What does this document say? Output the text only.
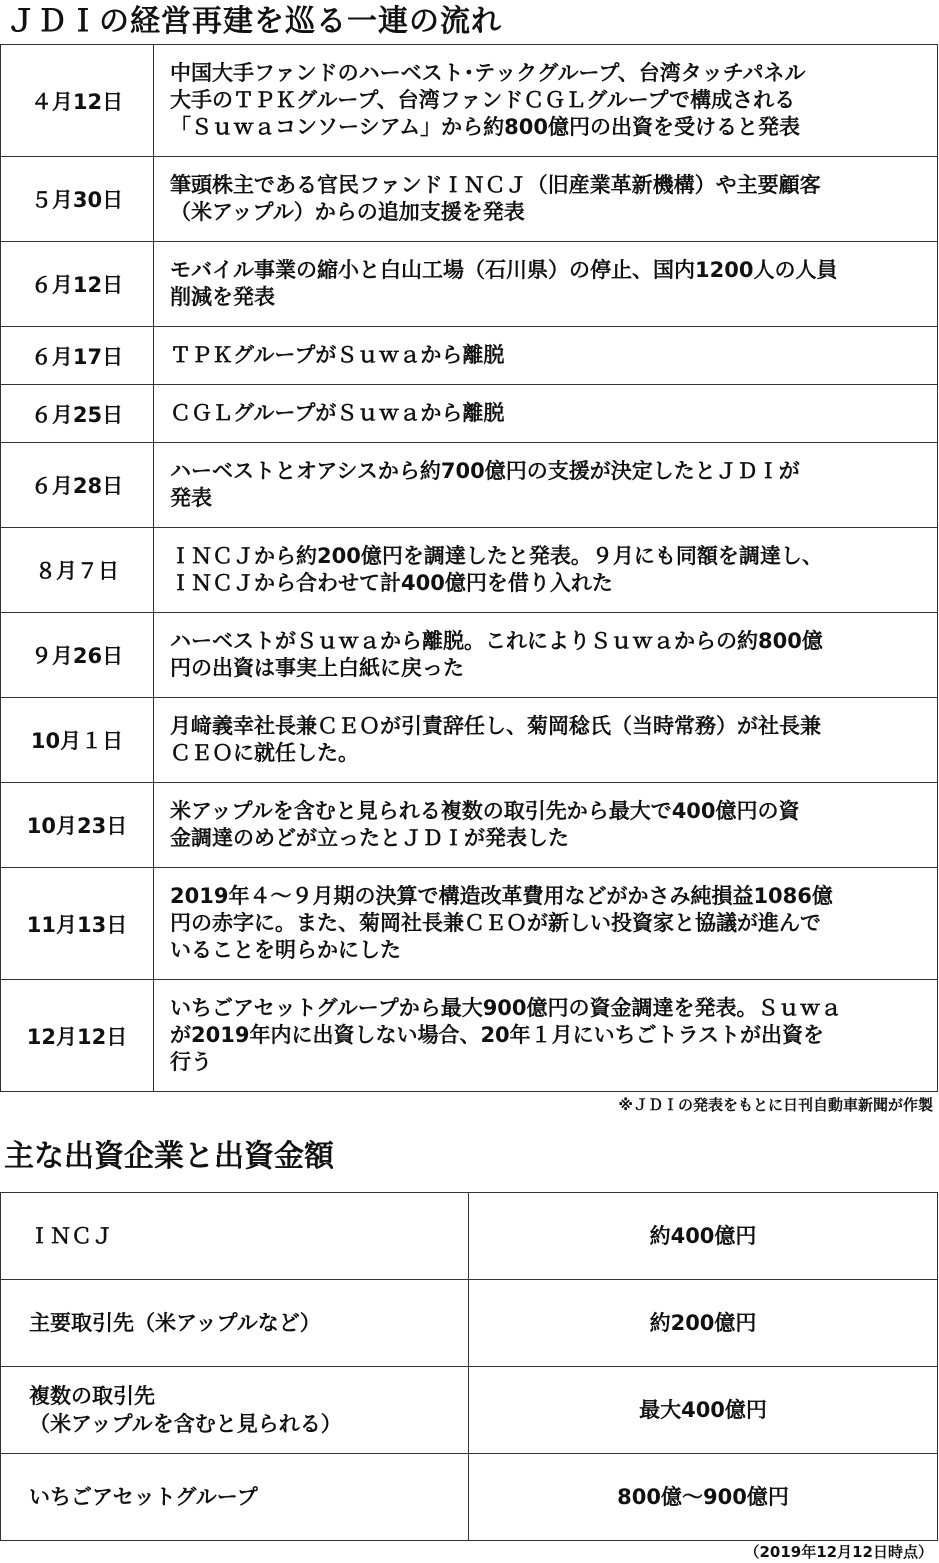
ＪＤＩの経営再建を巡る一連の流れ
４月12日	中国大手ファンドのハーベスト･テックグループ、台湾タッチパネル
大手のＴＰＫグループ、台湾ファンドＣＧＬグループで構成される
「Ｓｕｗａコンソーシアム」から約800億円の出資を受けると発表

５月30日	筆頭株主である官民ファンドＩＮＣＪ（旧産業革新機構）や主要顧客
（米アップル）からの追加支援を発表

６月12日	モバイル事業の縮小と白山工場（石川県）の停止、国内1200人の人員
削減を発表

６月17日	ＴＰＫグループがＳｕｗａから離脱

６月25日	ＣＧＬグループがＳｕｗａから離脱

６月28日	ハーベストとオアシスから約700億円の支援が決定したとＪＤＩが
発表

８月７日	ＩＮＣＪから約200億円を調達したと発表。９月にも同額を調達し、
ＩＮＣＪから合わせて計400億円を借り入れた

９月26日	ハーベストがＳｕｗａから離脱。これによりＳｕｗａからの約800億
円の出資は事実上白紙に戻った

10月１日	月﨑義幸社長兼ＣＥＯが引責辞任し、菊岡稔氏（当時常務）が社長兼
ＣＥＯに就任した。

10月23日	米アップルを含むと見られる複数の取引先から最大で400億円の資
金調達のめどが立ったとＪＤＩが発表した

11月13日	2019年４～９月期の決算で構造改革費用などがかさみ純損益1086億
円の赤字に。また、菊岡社長兼ＣＥＯが新しい投資家と協議が進んで
いることを明らかにした

12月12日	いちごアセットグループから最大900億円の資金調達を発表。Ｓｕｗａ
が2019年内に出資しない場合、20年１月にいちごトラストが出資を
行う
※ＪＤＩの発表をもとに日刊自動車新聞が作製
主な出資企業と出資金額
ＩＮＣＪ	約400億円

主要取引先（米アップルなど）	約200億円

複数の取引先
（米アップルを含むと見られる）	最大400億円

いちごアセットグループ	800億～900億円
（2019年12月12日時点）
